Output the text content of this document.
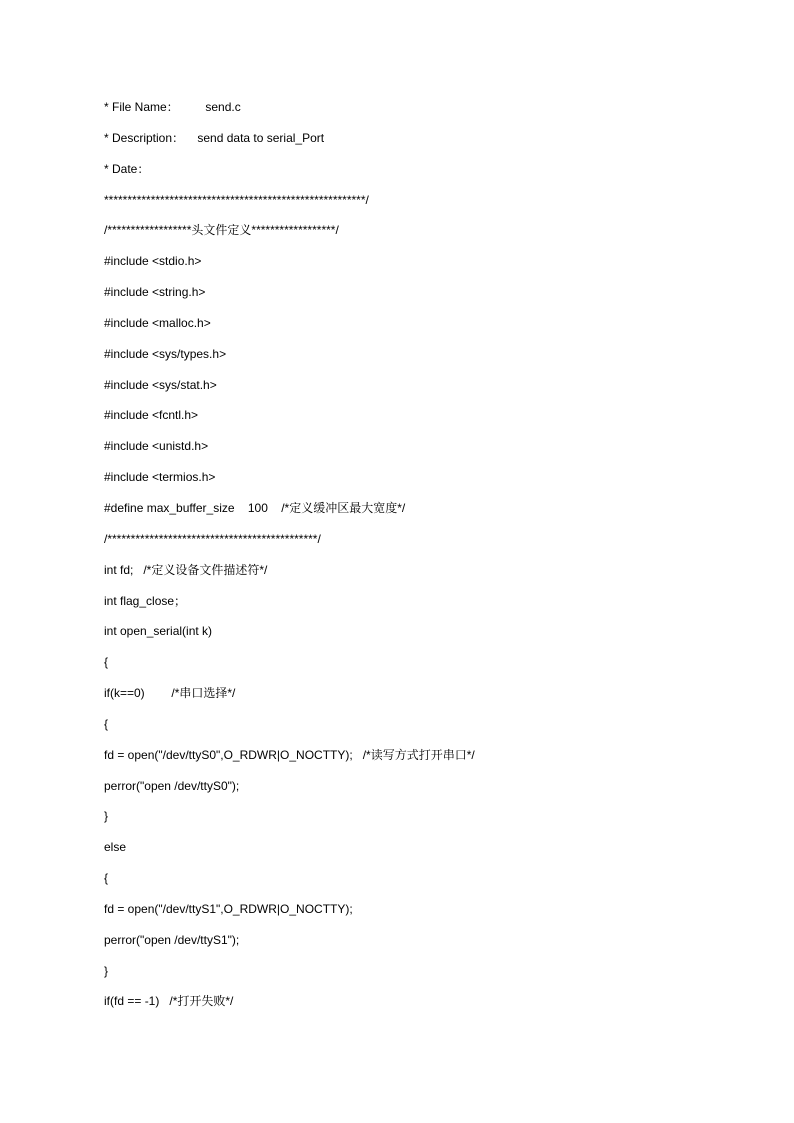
* File Name：        send.c
* Description：    send data to serial_Port
* Date：
********************************************************/
/******************头文件定义******************/
#include <stdio.h>
#include <string.h>
#include <malloc.h>
#include <sys/types.h>
#include <sys/stat.h>
#include <fcntl.h>
#include <unistd.h>
#include <termios.h>
#define max_buffer_size    100    /*定义缓冲区最大宽度*/
/*********************************************/
int fd;   /*定义设备文件描述符*/
int flag_close；
int open_serial(int k)
{
if(k==0)        /*串口选择*/
{
fd = open("/dev/ttyS0",O_RDWR|O_NOCTTY);   /*读写方式打开串口*/
perror("open /dev/ttyS0");
}
else
{
fd = open("/dev/ttyS1",O_RDWR|O_NOCTTY);
perror("open /dev/ttyS1");
}
if(fd == -1)   /*打开失败*/
